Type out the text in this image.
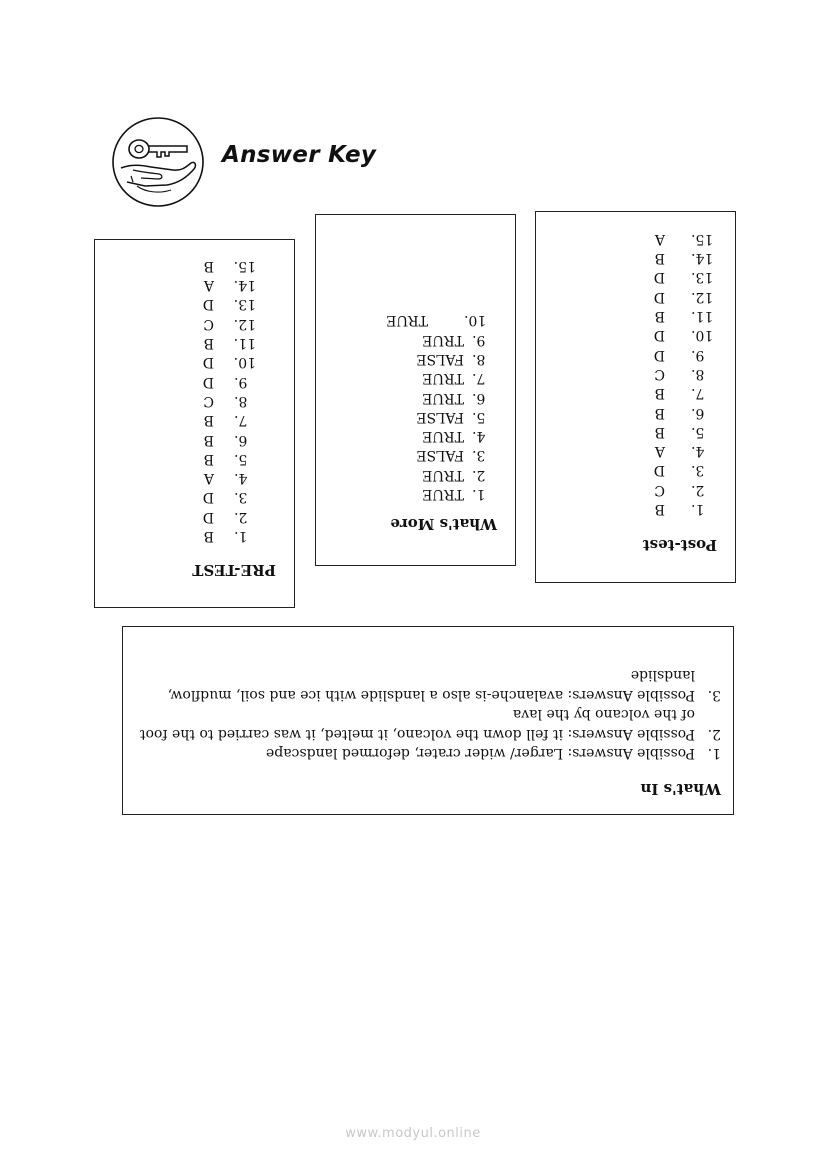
Answer Key
PRE-TEST
1.B
2.D
3.D
4.A
5.B
6.B
7.B
8.C
9.D
10.D
11.B
12.C
13.D
14.A
15.B
What's More
1.TRUE
2.TRUE
3.FALSE
4.TRUE
5.FALSE
6.TRUE
7.TRUE
8.FALSE
9.TRUE
10.TRUE
Post-test
1.B
2.C
3.D
4.A
5.B
6.B
7.B
8.C
9.D
10.D
11.B
12.D
13.D
14.B
15.A
What's In
1.
Possible Answers: Larger/ wider crater, deformed landscape
2.
Possible Answers: it fell down the volcano, it melted, it was carried to the foot of the volcano by the lava
3.
Possible Answers: avalanche-is also a landslide with ice and soil, mudflow, landslide
www.modyul.online
